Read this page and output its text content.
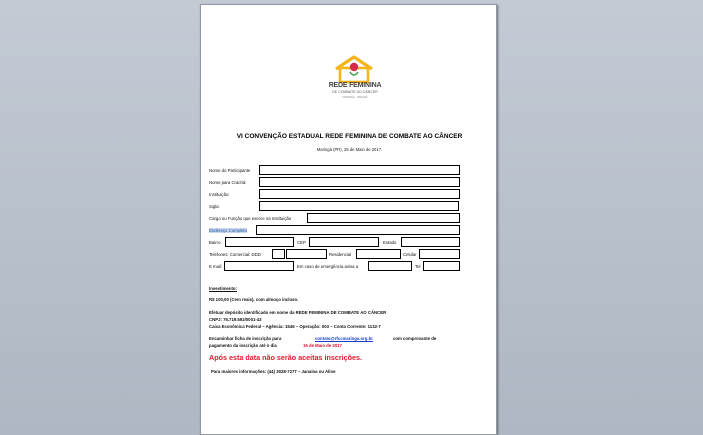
REDE FEMININA
DE COMBATE AO CÂNCER
MARINGÁ - PARANÁ
VI CONVENÇÃO ESTADUAL REDE FEMININA DE COMBATE AO CÂNCER
Maringá (PR), 25 de Maio de 2017.
Nome do Participante
Nome para Crachá:
Instituição:
Sigla:
Cargo ou Função que exerce na Instituição
Endereço Completo
Bairro	CEP	Estado
Telefones: Comercial: DDD	Residencial	Celular
E mail:	Em caso de emergência avisa a	Tel
Investimento:
R$ 100,00 (Cem reais), com almoço incluso.
Efetuar depósito identificado em nome da REDE FEMININA DE COMBATE AO CÂNCER
CNPJ: 76.719.592/0001-43
Caixa Econômica Federal – Agência: 1546 – Operação: 003 – Conta Corrente: 1132-7
Encaminhar ficha de inscrição para	contato@rfccmaringa.org.br	com comprovante de
pagamento da inscrição até o dia	15 de Maio de 2017
Após esta data não serão aceitas inscrições.
Para maiores informações: (44) 3028-7277 – Janaina ou Aline
